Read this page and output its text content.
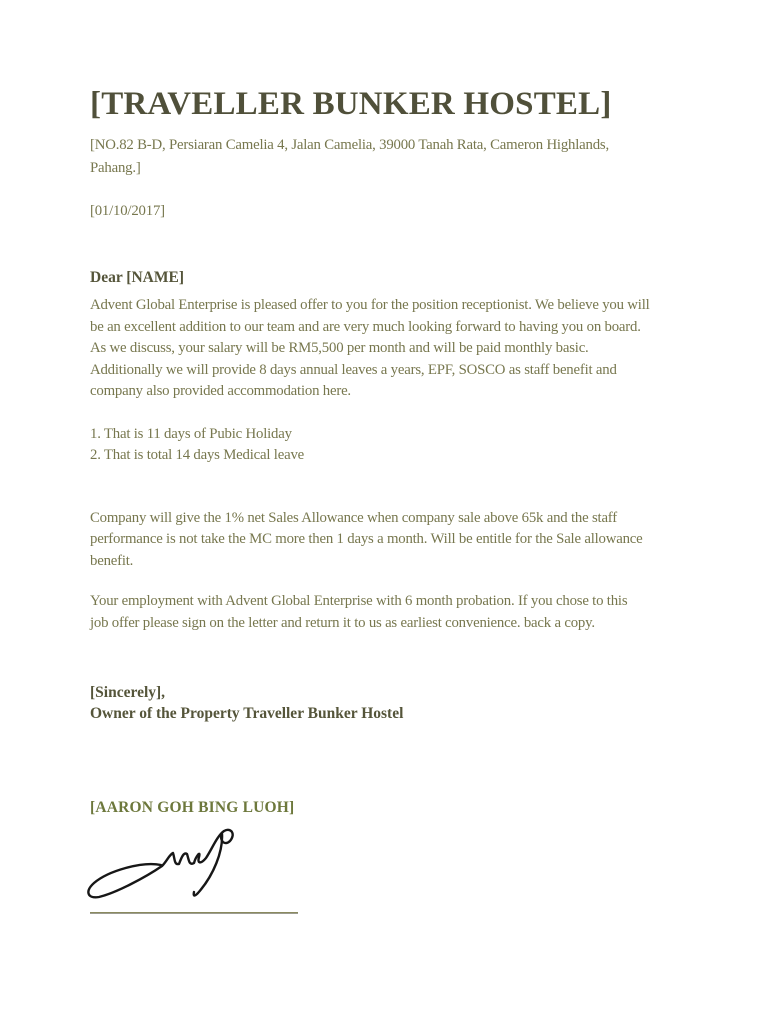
[TRAVELLER BUNKER HOSTEL]
[NO.82 B-D, Persiaran Camelia 4, Jalan Camelia, 39000 Tanah Rata, Cameron Highlands,
Pahang.]
[01/10/2017]
Dear [NAME]
Advent Global Enterprise is pleased offer to you for the position receptionist. We believe you will
be an excellent addition to our team and are very much looking forward to having you on board.
As we discuss, your salary will be RM5,500 per month and will be paid monthly basic.
Additionally we will provide 8 days annual leaves a years, EPF, SOSCO as staff benefit and
company also provided accommodation here.
1. That is 11 days of Pubic Holiday
2. That is total 14 days Medical leave
Company will give the 1% net Sales Allowance when company sale above 65k and the staff
performance is not take the MC more then 1 days a month. Will be entitle for the Sale allowance
benefit.
Your employment with Advent Global Enterprise with 6 month probation. If you chose to this
job offer please sign on the letter and return it to us as earliest convenience. back a copy.
[Sincerely],
Owner of the Property Traveller Bunker Hostel
[AARON GOH BING LUOH]
